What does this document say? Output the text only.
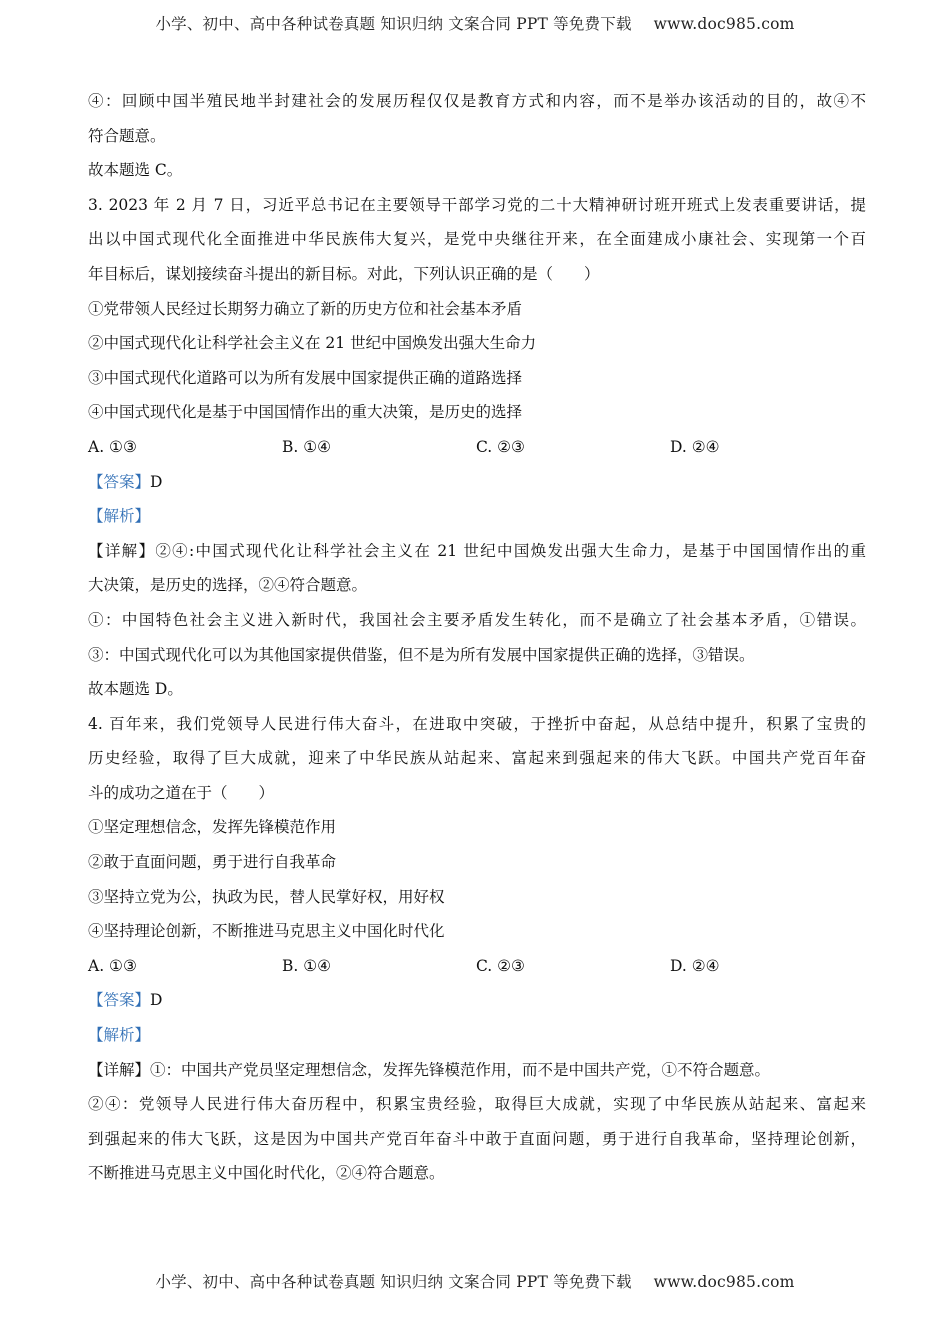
小学、初中、高中各种试卷真题 知识归纳 文案合同 PPT 等免费下载 www.doc985.com
④：回顾中国半殖民地半封建社会的发展历程仅仅是教育方式和内容，而不是举办该活动的目的，故④不
符合题意。
故本题选 C。
3. 2023 年 2 月 7 日，习近平总书记在主要领导干部学习党的二十大精神研讨班开班式上发表重要讲话，提
出以中国式现代化全面推进中华民族伟大复兴，是党中央继往开来，在全面建成小康社会、实现第一个百
年目标后，谋划接续奋斗提出的新目标。对此，下列认识正确的是（　　）
①党带领人民经过长期努力确立了新的历史方位和社会基本矛盾
②中国式现代化让科学社会主义在 21 世纪中国焕发出强大生命力
③中国式现代化道路可以为所有发展中国家提供正确的道路选择
④中国式现代化是基于中国国情作出的重大决策，是历史的选择
A. ①③	B. ①④	C. ②③	D. ②④
【答案】D
【解析】
【详解】②④:中国式现代化让科学社会主义在 21 世纪中国焕发出强大生命力，是基于中国国情作出的重
大决策，是历史的选择，②④符合题意。
①：中国特色社会主义进入新时代，我国社会主要矛盾发生转化，而不是确立了社会基本矛盾，①错误。
③：中国式现代化可以为其他国家提供借鉴，但不是为所有发展中国家提供正确的选择，③错误。
故本题选 D。
4. 百年来，我们党领导人民进行伟大奋斗，在进取中突破，于挫折中奋起，从总结中提升，积累了宝贵的
历史经验，取得了巨大成就，迎来了中华民族从站起来、富起来到强起来的伟大飞跃。中国共产党百年奋
斗的成功之道在于（　　）
①坚定理想信念，发挥先锋模范作用
②敢于直面问题，勇于进行自我革命
③坚持立党为公，执政为民，替人民掌好权，用好权
④坚持理论创新，不断推进马克思主义中国化时代化
A. ①③	B. ①④	C. ②③	D. ②④
【答案】D
【解析】
【详解】①：中国共产党员坚定理想信念，发挥先锋模范作用，而不是中国共产党，①不符合题意。
②④：党领导人民进行伟大奋历程中，积累宝贵经验，取得巨大成就，实现了中华民族从站起来、富起来
到强起来的伟大飞跃，这是因为中国共产党百年奋斗中敢于直面问题，勇于进行自我革命，坚持理论创新，
不断推进马克思主义中国化时代化，②④符合题意。
小学、初中、高中各种试卷真题 知识归纳 文案合同 PPT 等免费下载 www.doc985.com
